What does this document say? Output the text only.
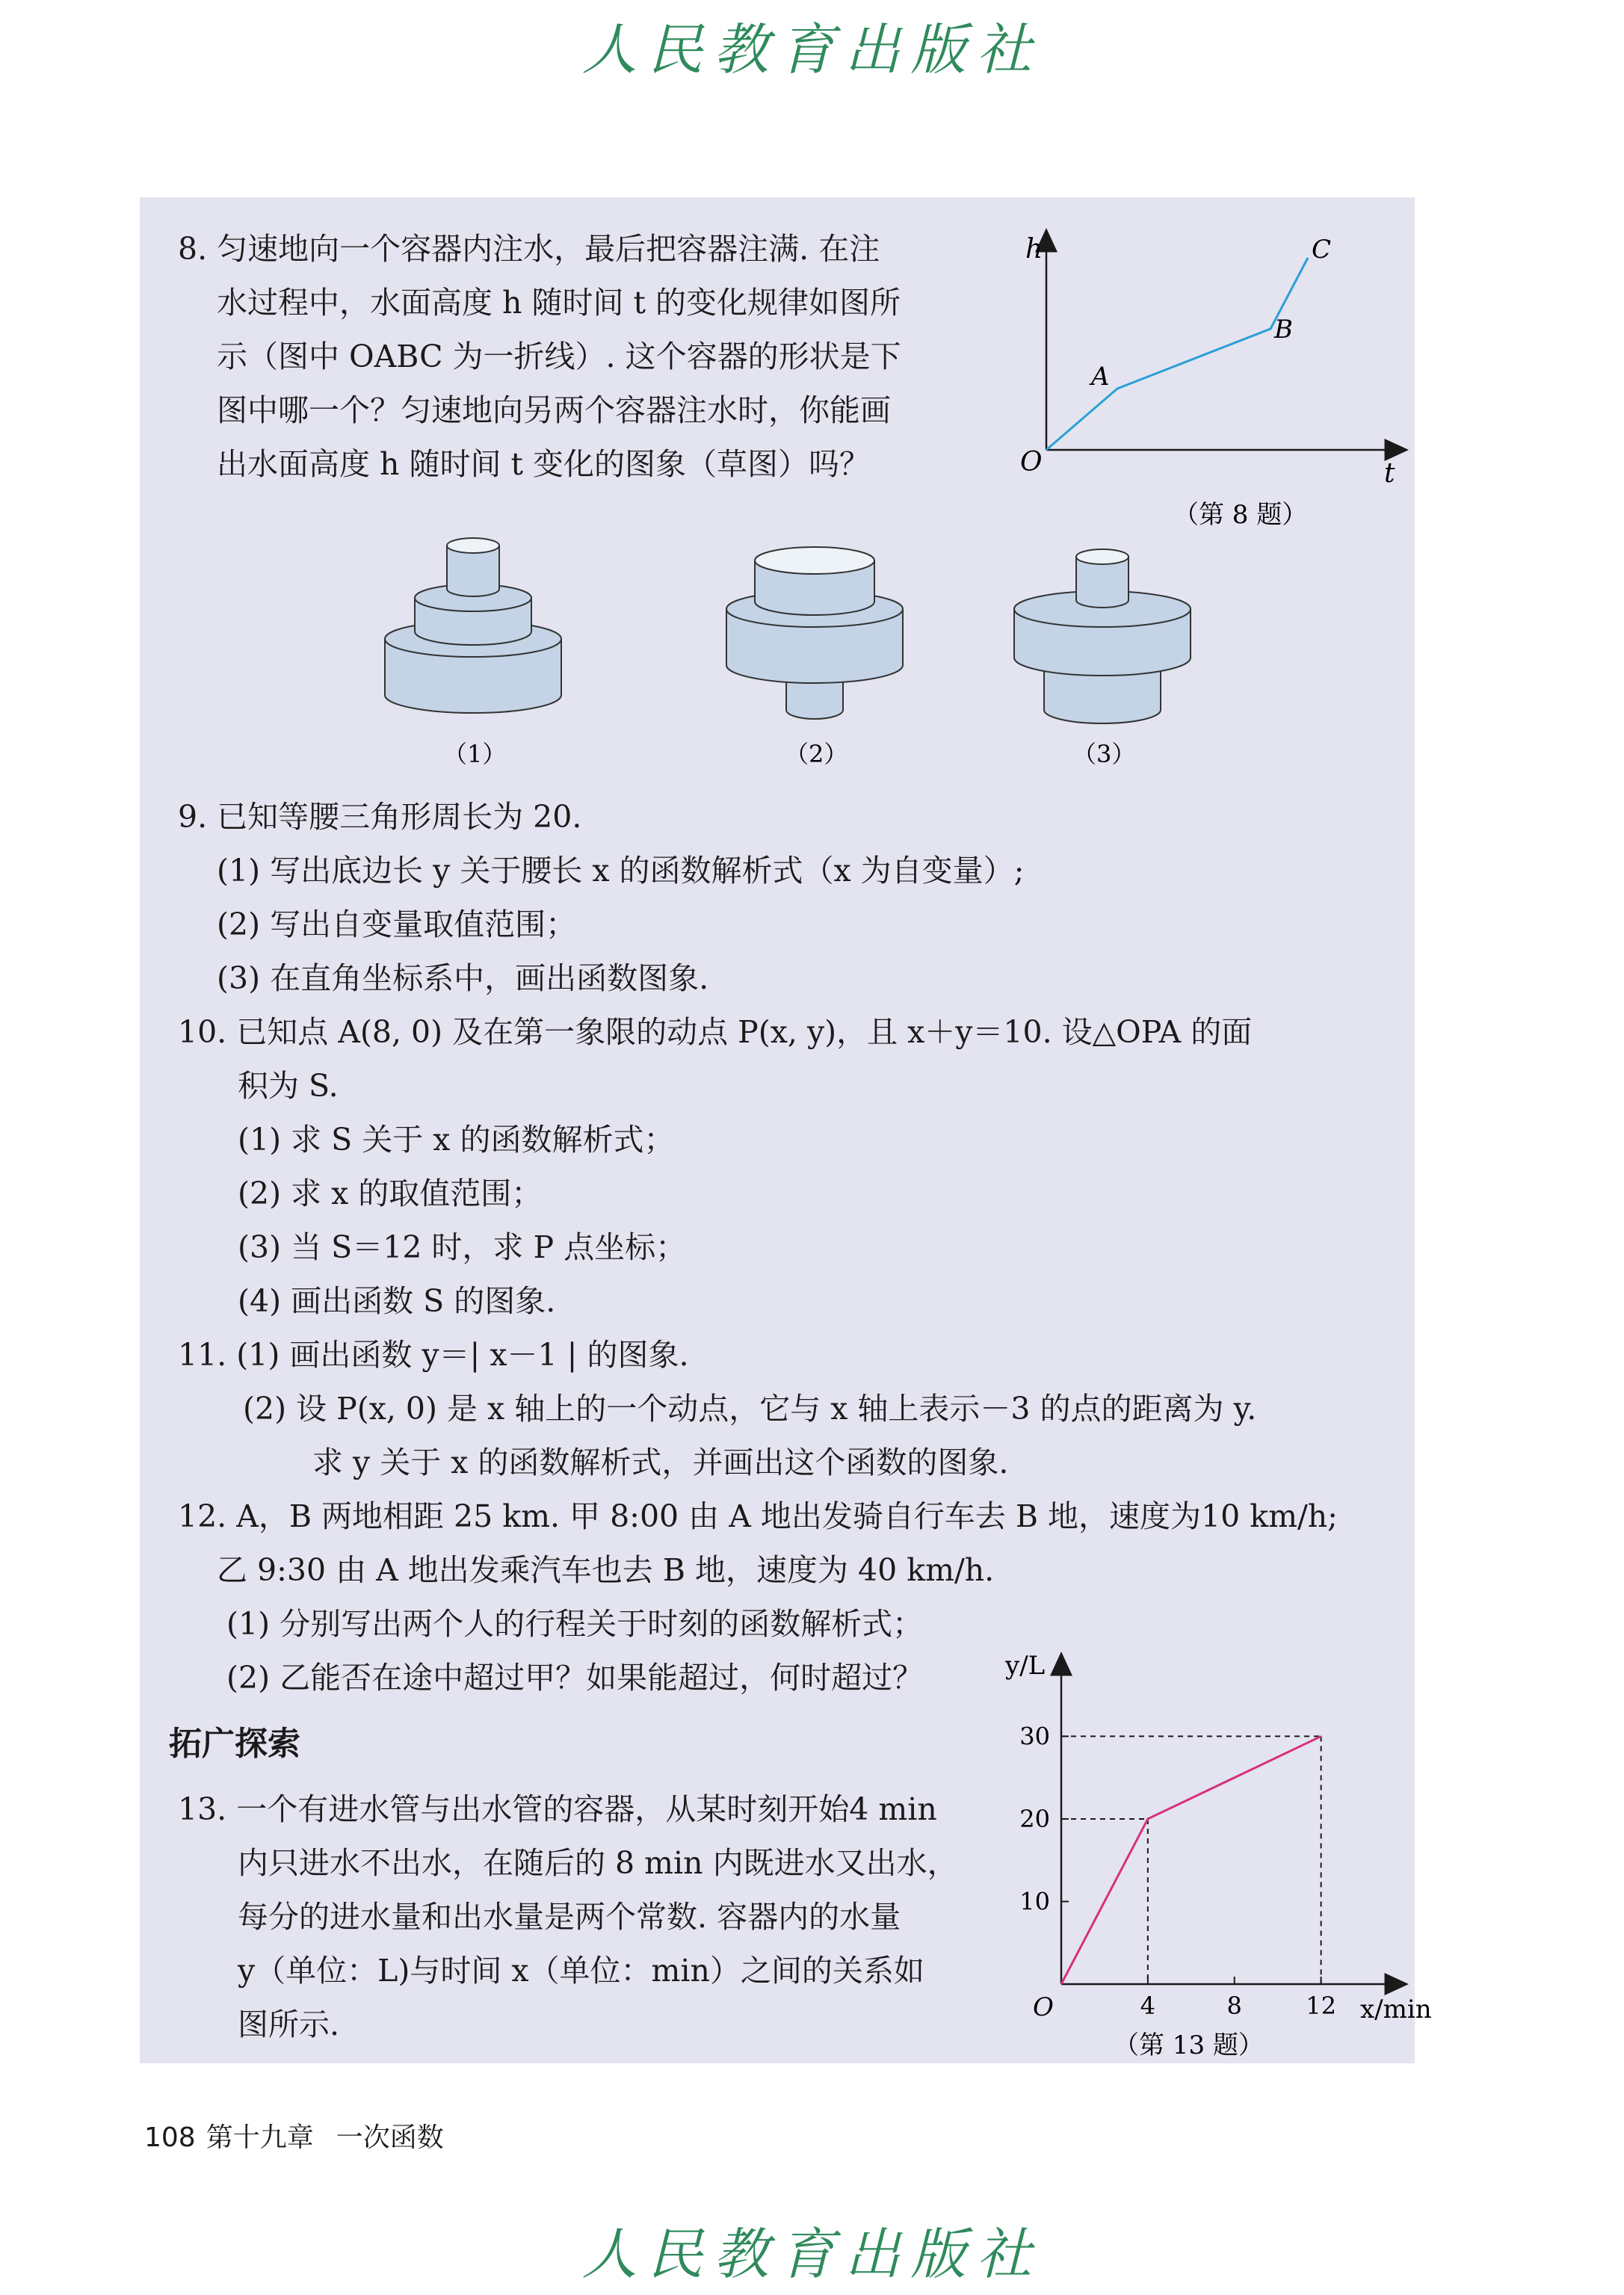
人民教育出版社
8. 匀速地向一个容器内注水，最后把容器注满. 在注
水过程中，水面高度 h 随时间 t 的变化规律如图所
示（图中 OABC 为一折线）. 这个容器的形状是下
图中哪一个？匀速地向另两个容器注水时，你能画
出水面高度 h 随时间 t 变化的图象（草图）吗？
h
t
O
A
B
C
（第 8 题）
（1）	（2）	（3）
9. 已知等腰三角形周长为 20.
(1) 写出底边长 y 关于腰长 x 的函数解析式（x 为自变量）;
(2) 写出自变量取值范围；
(3) 在直角坐标系中，画出函数图象.
10. 已知点 A(8, 0) 及在第一象限的动点 P(x, y)，且 x＋y＝10. 设△OPA 的面
积为 S.
(1) 求 S 关于 x 的函数解析式；
(2) 求 x 的取值范围；
(3) 当 S＝12 时，求 P 点坐标；
(4) 画出函数 S 的图象.
11. (1) 画出函数 y＝| x－1 | 的图象.
(2) 设 P(x, 0) 是 x 轴上的一个动点，它与 x 轴上表示－3 的点的距离为 y.
求 y 关于 x 的函数解析式，并画出这个函数的图象.
12. A，B 两地相距 25 km. 甲 8:00 由 A 地出发骑自行车去 B 地，速度为10 km/h;
乙 9:30 由 A 地出发乘汽车也去 B 地，速度为 40 km/h.
(1) 分别写出两个人的行程关于时刻的函数解析式；
(2) 乙能否在途中超过甲？如果能超过，何时超过？
拓广探索
13. 一个有进水管与出水管的容器，从某时刻开始4 min
内只进水不出水，在随后的 8 min 内既进水又出水，
每分的进水量和出水量是两个常数. 容器内的水量
y（单位：L)与时间 x（单位：min）之间的关系如
图所示.
4	8	12
10
20
30
y/L
x/min
O
（第 13 题）
108 第十九章 一次函数
人民教育出版社
